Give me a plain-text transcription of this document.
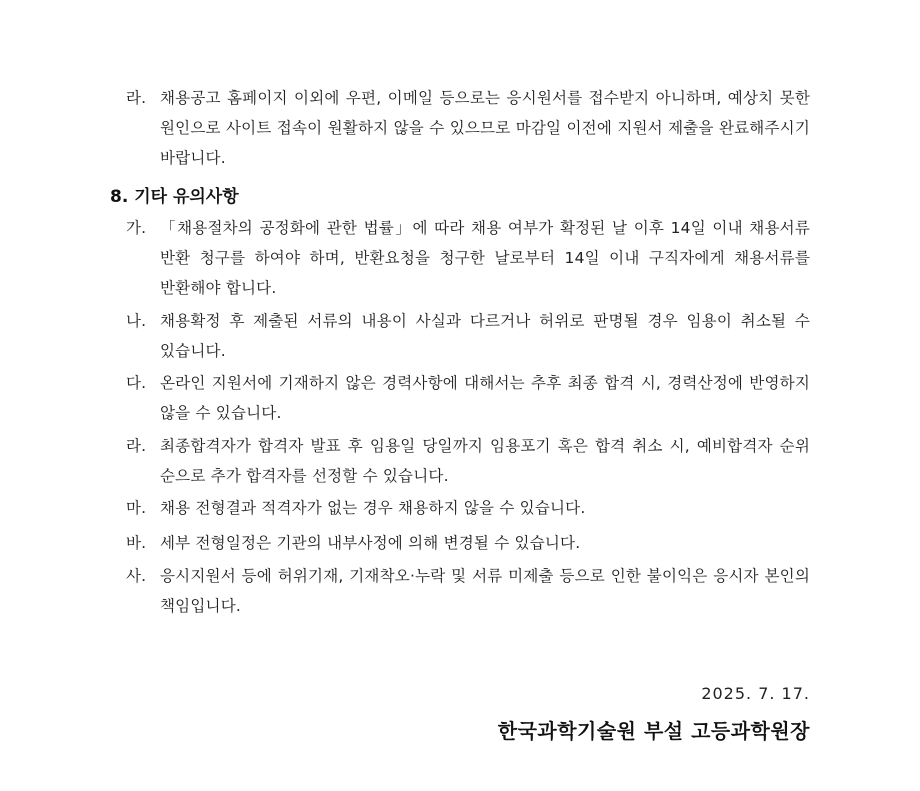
라. 채용공고 홈페이지 이외에 우편, 이메일 등으로는 응시원서를 접수받지 아니하며, 예상치 못한 원인으로 사이트 접속이 원활하지 않을 수 있으므로 마감일 이전에 지원서 제출을 완료해주시기 바랍니다.
8. 기타 유의사항
가. 「채용절차의 공정화에 관한 법률」에 따라 채용 여부가 확정된 날 이후 14일 이내 채용서류 반환 청구를 하여야 하며, 반환요청을 청구한 날로부터 14일 이내 구직자에게 채용서류를 반환해야 합니다.
나. 채용확정 후 제출된 서류의 내용이 사실과 다르거나 허위로 판명될 경우 임용이 취소될 수 있습니다.
다. 온라인 지원서에 기재하지 않은 경력사항에 대해서는 추후 최종 합격 시, 경력산정에 반영하지 않을 수 있습니다.
라. 최종합격자가 합격자 발표 후 임용일 당일까지 임용포기 혹은 합격 취소 시, 예비합격자 순위 순으로 추가 합격자를 선정할 수 있습니다.
마. 채용 전형결과 적격자가 없는 경우 채용하지 않을 수 있습니다.
바. 세부 전형일정은 기관의 내부사정에 의해 변경될 수 있습니다.
사. 응시지원서 등에 허위기재, 기재착오·누락 및 서류 미제출 등으로 인한 불이익은 응시자 본인의 책임입니다.
2025. 7. 17.
한국과학기술원 부설 고등과학원장
